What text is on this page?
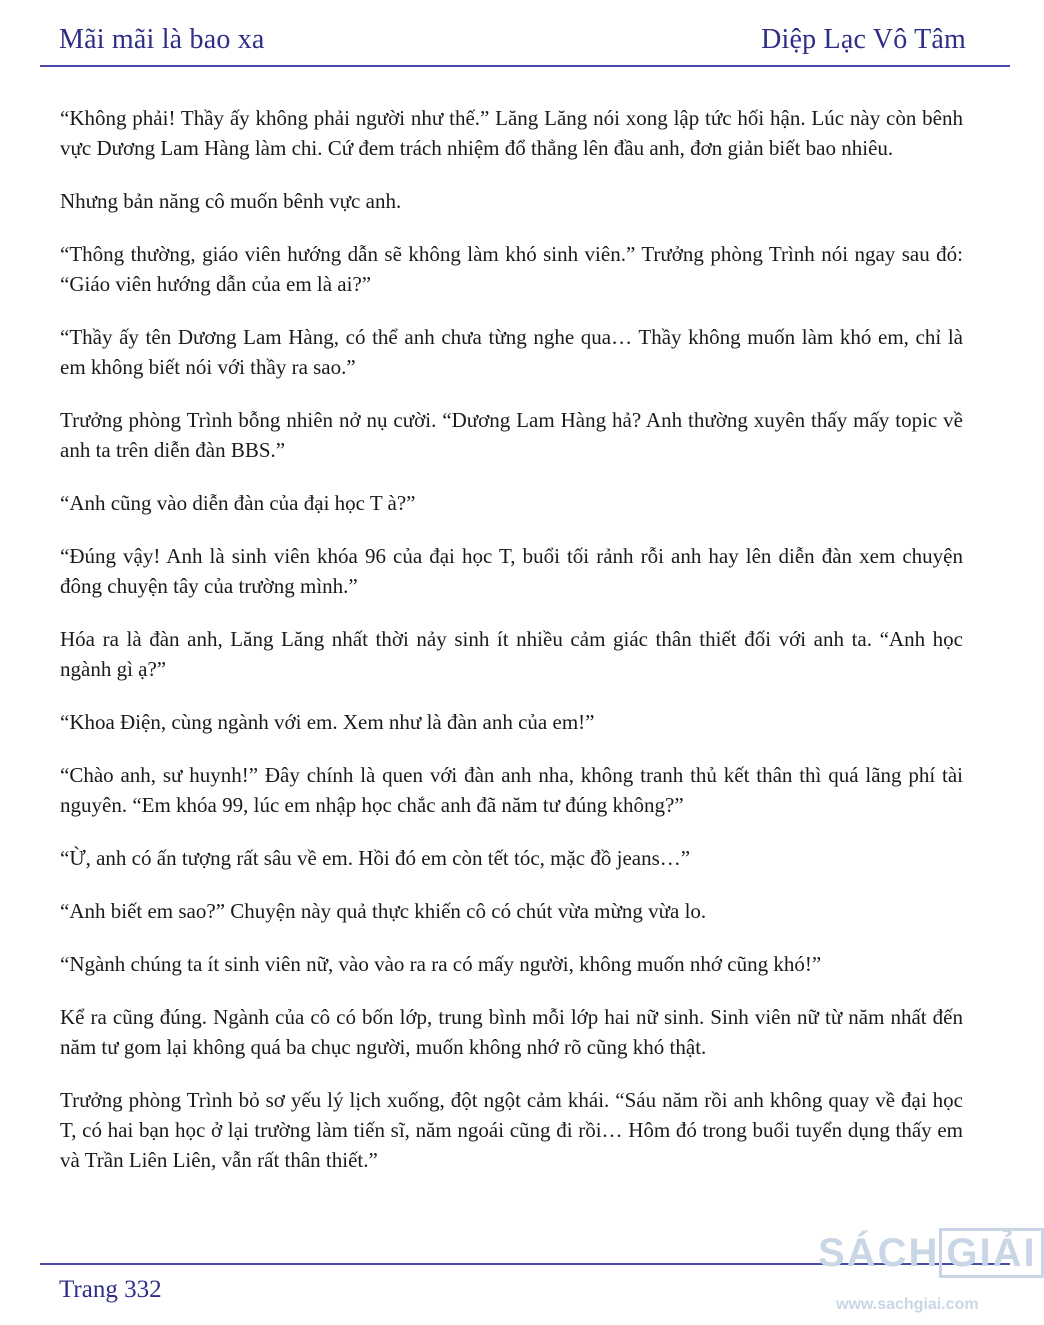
Mãi mãi là bao xa	Diệp Lạc Vô Tâm

“Không phải! Thầy ấy không phải người như thế.” Lăng Lăng nói xong lập tức hối hận. Lúc này còn bênh vực Dương Lam Hàng làm chi. Cứ đem trách nhiệm đổ thẳng lên đầu anh, đơn giản biết bao nhiêu.

Nhưng bản năng cô muốn bênh vực anh.

“Thông thường, giáo viên hướng dẫn sẽ không làm khó sinh viên.” Trưởng phòng Trình nói ngay sau đó: “Giáo viên hướng dẫn của em là ai?”

“Thầy ấy tên Dương Lam Hàng, có thể anh chưa từng nghe qua… Thầy không muốn làm khó em, chỉ là em không biết nói với thầy ra sao.”

Trưởng phòng Trình bỗng nhiên nở nụ cười. “Dương Lam Hàng hả? Anh thường xuyên thấy mấy topic về anh ta trên diễn đàn BBS.”

“Anh cũng vào diễn đàn của đại học T à?”

“Đúng vậy! Anh là sinh viên khóa 96 của đại học T, buổi tối rảnh rỗi anh hay lên diễn đàn xem chuyện đông chuyện tây của trường mình.”

Hóa ra là đàn anh, Lăng Lăng nhất thời nảy sinh ít nhiều cảm giác thân thiết đối với anh ta. “Anh học ngành gì ạ?”

“Khoa Điện, cùng ngành với em. Xem như là đàn anh của em!”

“Chào anh, sư huynh!” Đây chính là quen với đàn anh nha, không tranh thủ kết thân thì quá lãng phí tài nguyên. “Em khóa 99, lúc em nhập học chắc anh đã năm tư đúng không?”

“Ừ, anh có ấn tượng rất sâu về em. Hồi đó em còn tết tóc, mặc đồ jeans…”

“Anh biết em sao?” Chuyện này quả thực khiến cô có chút vừa mừng vừa lo.

“Ngành chúng ta ít sinh viên nữ, vào vào ra ra có mấy người, không muốn nhớ cũng khó!”

Kể ra cũng đúng. Ngành của cô có bốn lớp, trung bình mỗi lớp hai nữ sinh. Sinh viên nữ từ năm nhất đến năm tư gom lại không quá ba chục người, muốn không nhớ rõ cũng khó thật.

Trưởng phòng Trình bỏ sơ yếu lý lịch xuống, đột ngột cảm khái. “Sáu năm rồi anh không quay về đại học T, có hai bạn học ở lại trường làm tiến sĩ, năm ngoái cũng đi rồi… Hôm đó trong buổi tuyển dụng thấy em và Trần Liên Liên, vẫn rất thân thiết.”

Trang 332
SÁCH GIẢI
www.sachgiai.com
